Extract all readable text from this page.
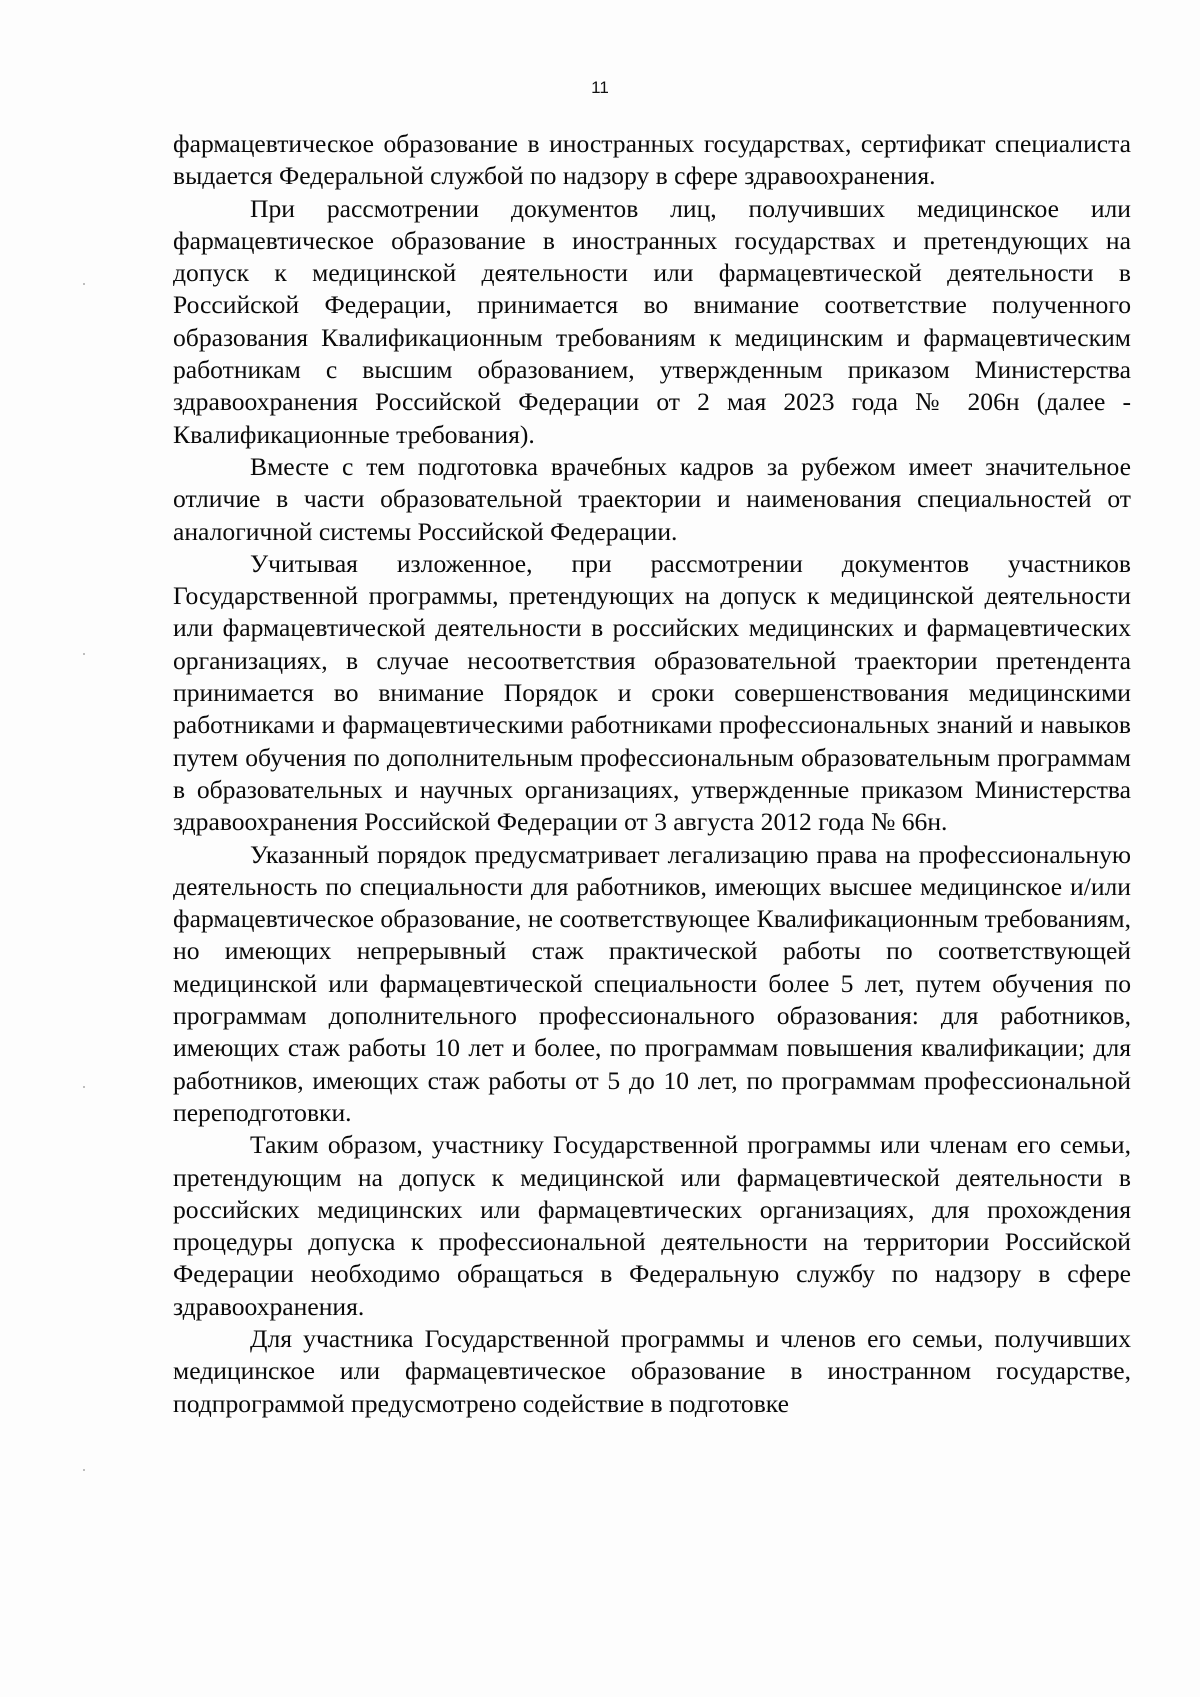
11

фармацевтическое образование в иностранных государствах, сертификат специалиста выдается Федеральной службой по надзору в сфере здравоохранения.

При рассмотрении документов лиц, получивших медицинское или фармацевтическое образование в иностранных государствах и претендующих на допуск к медицинской деятельности или фармацевтической деятельности в Российской Федерации, принимается во внимание соответствие полученного образования Квалификационным требованиям к медицинским и фармацевтическим работникам с высшим образованием, утвержденным приказом Министерства здравоохранения Российской Федерации от 2 мая 2023 года № 206н (далее - Квалификационные требования).

Вместе с тем подготовка врачебных кадров за рубежом имеет значительное отличие в части образовательной траектории и наименования специальностей от аналогичной системы Российской Федерации.

Учитывая изложенное, при рассмотрении документов участников Государственной программы, претендующих на допуск к медицинской деятельности или фармацевтической деятельности в российских медицинских и фармацевтических организациях, в случае несоответствия образовательной траектории претендента принимается во внимание Порядок и сроки совершенствования медицинскими работниками и фармацевтическими работниками профессиональных знаний и навыков путем обучения по дополнительным профессиональным образовательным программам в образовательных и научных организациях, утвержденные приказом Министерства здравоохранения Российской Федерации от 3 августа 2012 года № 66н.

Указанный порядок предусматривает легализацию права на профессиональную деятельность по специальности для работников, имеющих высшее медицинское и/или фармацевтическое образование, не соответствующее Квалификационным требованиям, но имеющих непрерывный стаж практической работы по соответствующей медицинской или фармацевтической специальности более 5 лет, путем обучения по программам дополнительного профессионального образования: для работников, имеющих стаж работы 10 лет и более, по программам повышения квалификации; для работников, имеющих стаж работы от 5 до 10 лет, по программам профессиональной переподготовки.

Таким образом, участнику Государственной программы или членам его семьи, претендующим на допуск к медицинской или фармацевтической деятельности в российских медицинских или фармацевтических организациях, для прохождения процедуры допуска к профессиональной деятельности на территории Российской Федерации необходимо обращаться в Федеральную службу по надзору в сфере здравоохранения.

Для участника Государственной программы и членов его семьи, получивших медицинское или фармацевтическое образование в иностранном государстве, подпрограммой предусмотрено содействие в подготовке
